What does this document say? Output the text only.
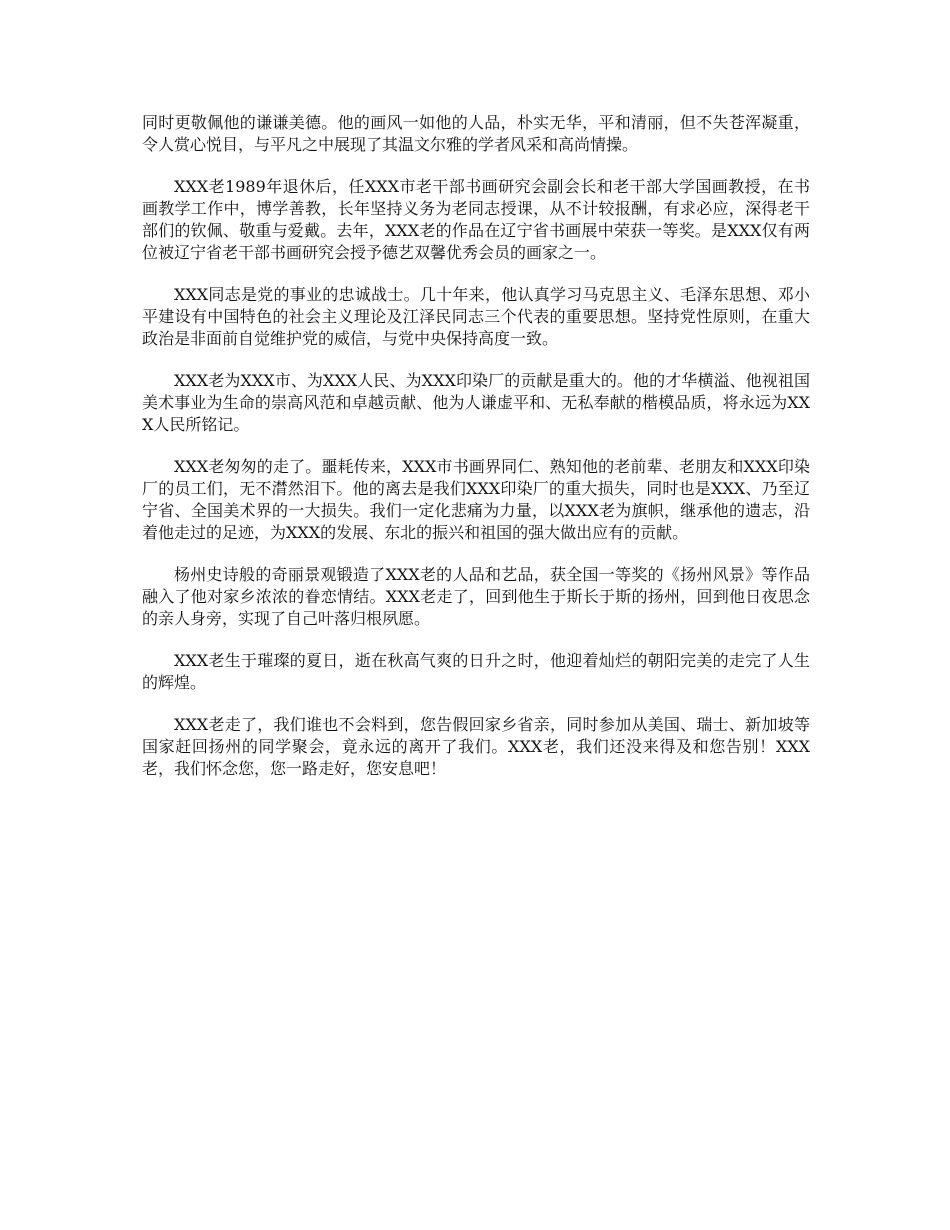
同时更敬佩他的谦谦美德。他的画风一如他的人品，朴实无华，平和清丽，但不失苍浑凝重，令人赏心悦目，与平凡之中展现了其温文尔雅的学者风采和高尚情操。

XXX老1989年退休后，任XXX市老干部书画研究会副会长和老干部大学国画教授，在书画教学工作中，博学善教，长年坚持义务为老同志授课，从不计较报酬，有求必应，深得老干部们的钦佩、敬重与爱戴。去年，XXX老的作品在辽宁省书画展中荣获一等奖。是XXX仅有两位被辽宁省老干部书画研究会授予德艺双馨优秀会员的画家之一。

XXX同志是党的事业的忠诚战士。几十年来，他认真学习马克思主义、毛泽东思想、邓小平建设有中国特色的社会主义理论及江泽民同志三个代表的重要思想。坚持党性原则，在重大政治是非面前自觉维护党的威信，与党中央保持高度一致。

XXX老为XXX市、为XXX人民、为XXX印染厂的贡献是重大的。他的才华横溢、他视祖国美术事业为生命的崇高风范和卓越贡献、他为人谦虚平和、无私奉献的楷模品质，将永远为XXX人民所铭记。

XXX老匆匆的走了。噩耗传来，XXX市书画界同仁、熟知他的老前辈、老朋友和XXX印染厂的员工们，无不潸然泪下。他的离去是我们XXX印染厂的重大损失，同时也是XXX、乃至辽宁省、全国美术界的一大损失。我们一定化悲痛为力量，以XXX老为旗帜，继承他的遗志，沿着他走过的足迹，为XXX的发展、东北的振兴和祖国的强大做出应有的贡献。

杨州史诗般的奇丽景观锻造了XXX老的人品和艺品，获全国一等奖的《扬州风景》等作品融入了他对家乡浓浓的眷恋情结。XXX老走了，回到他生于斯长于斯的扬州，回到他日夜思念的亲人身旁，实现了自己叶落归根夙愿。

XXX老生于璀璨的夏日，逝在秋高气爽的日升之时，他迎着灿烂的朝阳完美的走完了人生的辉煌。

XXX老走了，我们谁也不会料到，您告假回家乡省亲，同时参加从美国、瑞士、新加坡等国家赶回扬州的同学聚会，竟永远的离开了我们。XXX老，我们还没来得及和您告别！XXX老，我们怀念您，您一路走好，您安息吧！
